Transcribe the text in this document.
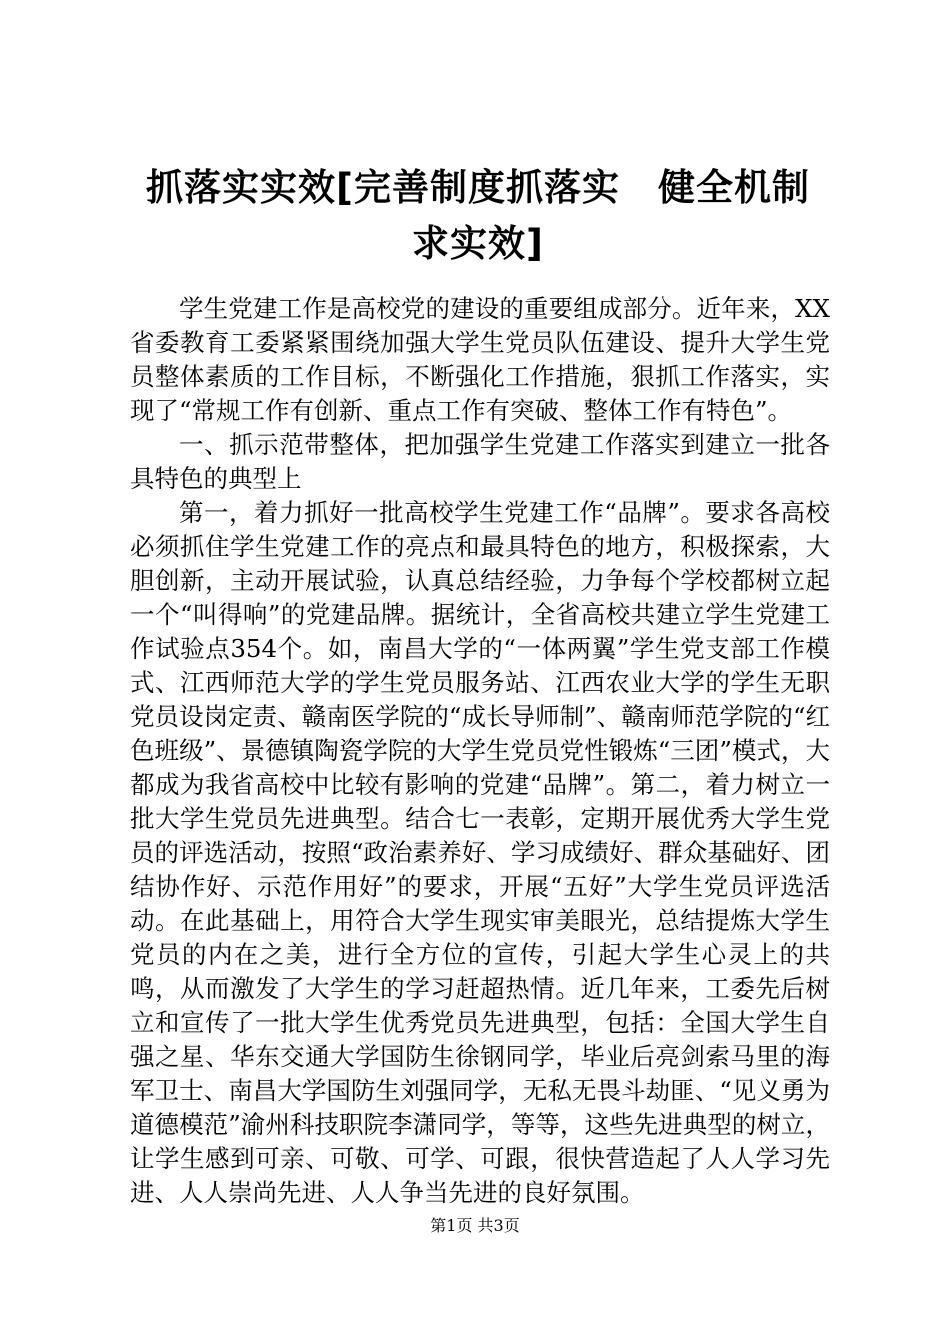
抓落实实效[完善制度抓落实　健全机制求实效]

学生党建工作是高校党的建设的重要组成部分。近年来，XX省委教育工委紧紧围绕加强大学生党员队伍建设、提升大学生党员整体素质的工作目标，不断强化工作措施，狠抓工作落实，实现了“常规工作有创新、重点工作有突破、整体工作有特色”。

一、抓示范带整体，把加强学生党建工作落实到建立一批各具特色的典型上

第一，着力抓好一批高校学生党建工作“品牌”。要求各高校必须抓住学生党建工作的亮点和最具特色的地方，积极探索，大胆创新，主动开展试验，认真总结经验，力争每个学校都树立起一个“叫得响”的党建品牌。据统计，全省高校共建立学生党建工作试验点354个。如，南昌大学的“一体两翼”学生党支部工作模式、江西师范大学的学生党员服务站、江西农业大学的学生无职党员设岗定责、赣南医学院的“成长导师制”、赣南师范学院的“红色班级”、景德镇陶瓷学院的大学生党员党性锻炼“三团”模式，大都成为我省高校中比较有影响的党建“品牌”。第二，着力树立一批大学生党员先进典型。结合七一表彰，定期开展优秀大学生党员的评选活动，按照“政治素养好、学习成绩好、群众基础好、团结协作好、示范作用好”的要求，开展“五好”大学生党员评选活动。在此基础上，用符合大学生现实审美眼光，总结提炼大学生党员的内在之美，进行全方位的宣传，引起大学生心灵上的共鸣，从而激发了大学生的学习赶超热情。近几年来，工委先后树立和宣传了一批大学生优秀党员先进典型，包括：全国大学生自强之星、华东交通大学国防生徐钢同学，毕业后亮剑索马里的海军卫士、南昌大学国防生刘强同学，无私无畏斗劫匪、“见义勇为道德模范”渝州科技职院李潇同学，等等，这些先进典型的树立，让学生感到可亲、可敬、可学、可跟，很快营造起了人人学习先进、人人崇尚先进、人人争当先进的良好氛围。

第1页 共3页
